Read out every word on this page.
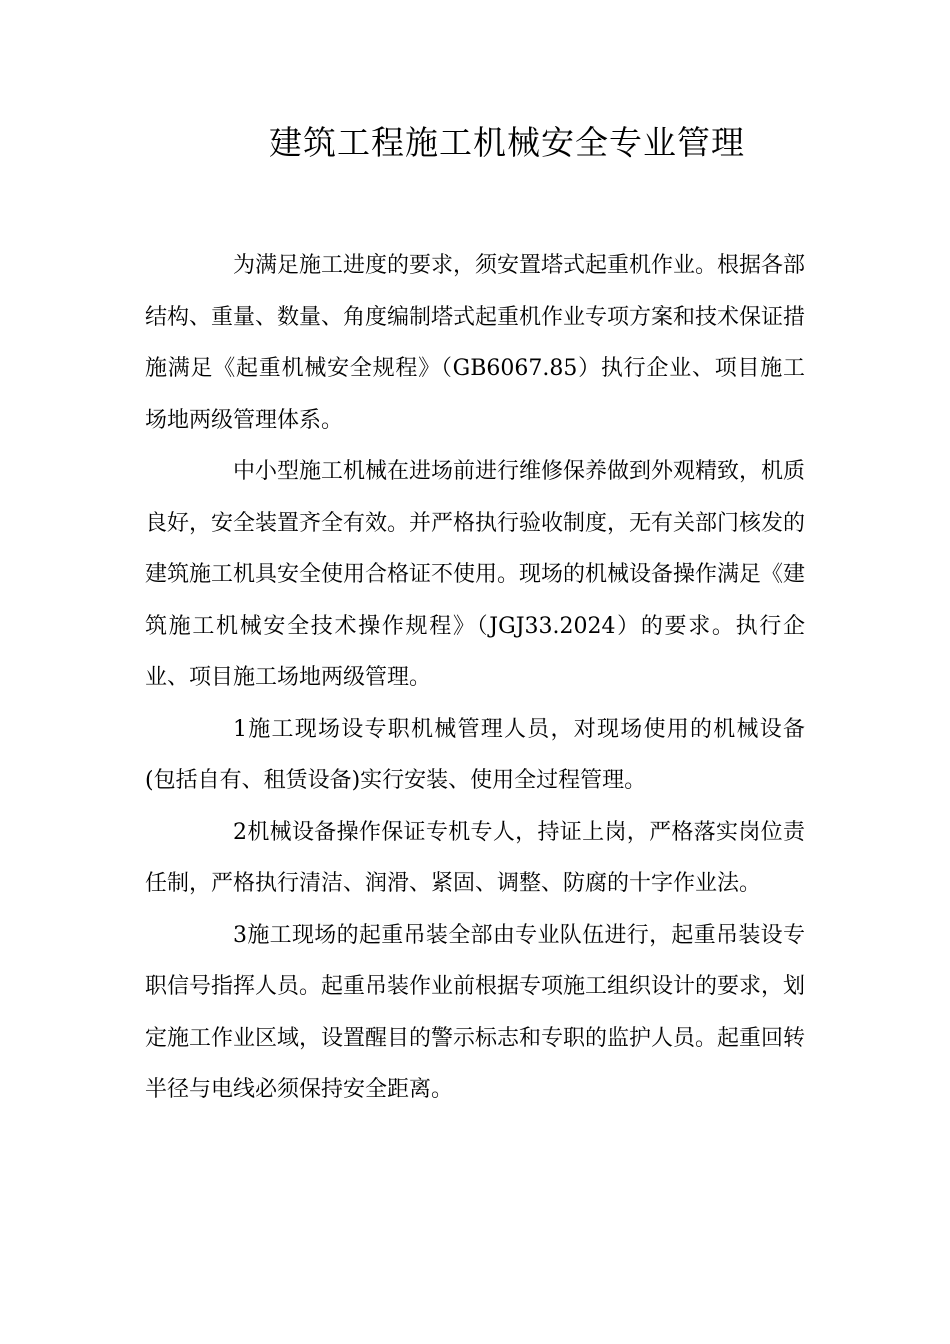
建筑工程施工机械安全专业管理

为满足施工进度的要求，须安置塔式起重机作业。根据各部结构、重量、数量、角度编制塔式起重机作业专项方案和技术保证措施满足《起重机械安全规程》（GB6067.85）执行企业、项目施工场地两级管理体系。

中小型施工机械在进场前进行维修保养做到外观精致，机质良好，安全装置齐全有效。并严格执行验收制度，无有关部门核发的建筑施工机具安全使用合格证不使用。现场的机械设备操作满足《建筑施工机械安全技术操作规程》（JGJ33.2024）的要求。执行企业、项目施工场地两级管理。

1施工现场设专职机械管理人员，对现场使用的机械设备(包括自有、租赁设备)实行安装、使用全过程管理。

2机械设备操作保证专机专人，持证上岗，严格落实岗位责任制，严格执行清洁、润滑、紧固、调整、防腐的十字作业法。

3施工现场的起重吊装全部由专业队伍进行，起重吊装设专职信号指挥人员。起重吊装作业前根据专项施工组织设计的要求，划定施工作业区域，设置醒目的警示标志和专职的监护人员。起重回转半径与电线必须保持安全距离。
